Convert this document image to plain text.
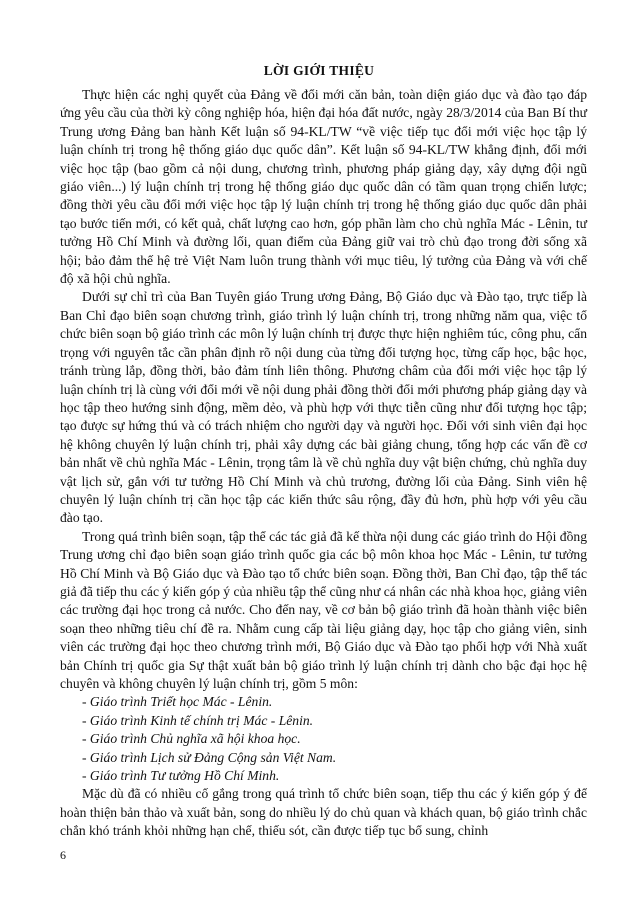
LỜI GIỚI THIỆU

Thực hiện các nghị quyết của Đảng về đổi mới căn bản, toàn diện giáo dục và đào tạo đáp ứng yêu cầu của thời kỳ công nghiệp hóa, hiện đại hóa đất nước, ngày 28/3/2014 của Ban Bí thư Trung ương Đảng ban hành Kết luận số 94-KL/TW “về việc tiếp tục đổi mới việc học tập lý luận chính trị trong hệ thống giáo dục quốc dân”. Kết luận số 94-KL/TW khẳng định, đổi mới việc học tập (bao gồm cả nội dung, chương trình, phương pháp giảng dạy, xây dựng đội ngũ giáo viên...) lý luận chính trị trong hệ thống giáo dục quốc dân có tầm quan trọng chiến lược; đồng thời yêu cầu đổi mới việc học tập lý luận chính trị trong hệ thống giáo dục quốc dân phải tạo bước tiến mới, có kết quả, chất lượng cao hơn, góp phần làm cho chủ nghĩa Mác - Lênin, tư tưởng Hồ Chí Minh và đường lối, quan điểm của Đảng giữ vai trò chủ đạo trong đời sống xã hội; bảo đảm thế hệ trẻ Việt Nam luôn trung thành với mục tiêu, lý tưởng của Đảng và với chế độ xã hội chủ nghĩa.

Dưới sự chỉ trì của Ban Tuyên giáo Trung ương Đảng, Bộ Giáo dục và Đào tạo, trực tiếp là Ban Chỉ đạo biên soạn chương trình, giáo trình lý luận chính trị, trong những năm qua, việc tổ chức biên soạn bộ giáo trình các môn lý luận chính trị được thực hiện nghiêm túc, công phu, cẩn trọng với nguyên tắc cần phân định rõ nội dung của từng đối tượng học, từng cấp học, bậc học, tránh trùng lắp, đồng thời, bảo đảm tính liên thông. Phương châm của đổi mới việc học tập lý luận chính trị là cùng với đổi mới về nội dung phải đồng thời đổi mới phương pháp giảng dạy và học tập theo hướng sinh động, mềm dẻo, và phù hợp với thực tiễn cũng như đối tượng học tập; tạo được sự hứng thú và có trách nhiệm cho người dạy và người học. Đối với sinh viên đại học hệ không chuyên lý luận chính trị, phải xây dựng các bài giảng chung, tổng hợp các vấn đề cơ bản nhất về chủ nghĩa Mác - Lênin, trọng tâm là về chủ nghĩa duy vật biện chứng, chủ nghĩa duy vật lịch sử, gắn với tư tưởng Hồ Chí Minh và chủ trương, đường lối của Đảng. Sinh viên hệ chuyên lý luận chính trị cần học tập các kiến thức sâu rộng, đầy đủ hơn, phù hợp với yêu cầu đào tạo.

Trong quá trình biên soạn, tập thể các tác giả đã kế thừa nội dung các giáo trình do Hội đồng Trung ương chỉ đạo biên soạn giáo trình quốc gia các bộ môn khoa học Mác - Lênin, tư tưởng Hồ Chí Minh và Bộ Giáo dục và Đào tạo tổ chức biên soạn. Đồng thời, Ban Chỉ đạo, tập thể tác giả đã tiếp thu các ý kiến góp ý của nhiều tập thể cũng như cá nhân các nhà khoa học, giảng viên các trường đại học trong cả nước. Cho đến nay, về cơ bản bộ giáo trình đã hoàn thành việc biên soạn theo những tiêu chí đề ra. Nhằm cung cấp tài liệu giảng dạy, học tập cho giảng viên, sinh viên các trường đại học theo chương trình mới, Bộ Giáo dục và Đào tạo phối hợp với Nhà xuất bản Chính trị quốc gia Sự thật xuất bản bộ giáo trình lý luận chính trị dành cho bậc đại học hệ chuyên và không chuyên lý luận chính trị, gồm 5 môn:

- Giáo trình Triết học Mác - Lênin.
- Giáo trình Kinh tế chính trị Mác - Lênin.
- Giáo trình Chủ nghĩa xã hội khoa học.
- Giáo trình Lịch sử Đảng Cộng sản Việt Nam.
- Giáo trình Tư tưởng Hồ Chí Minh.

Mặc dù đã có nhiều cố gắng trong quá trình tổ chức biên soạn, tiếp thu các ý kiến góp ý để hoàn thiện bản thảo và xuất bản, song do nhiều lý do chủ quan và khách quan, bộ giáo trình chắc chắn khó tránh khỏi những hạn chế, thiếu sót, cần được tiếp tục bổ sung, chỉnh

6
